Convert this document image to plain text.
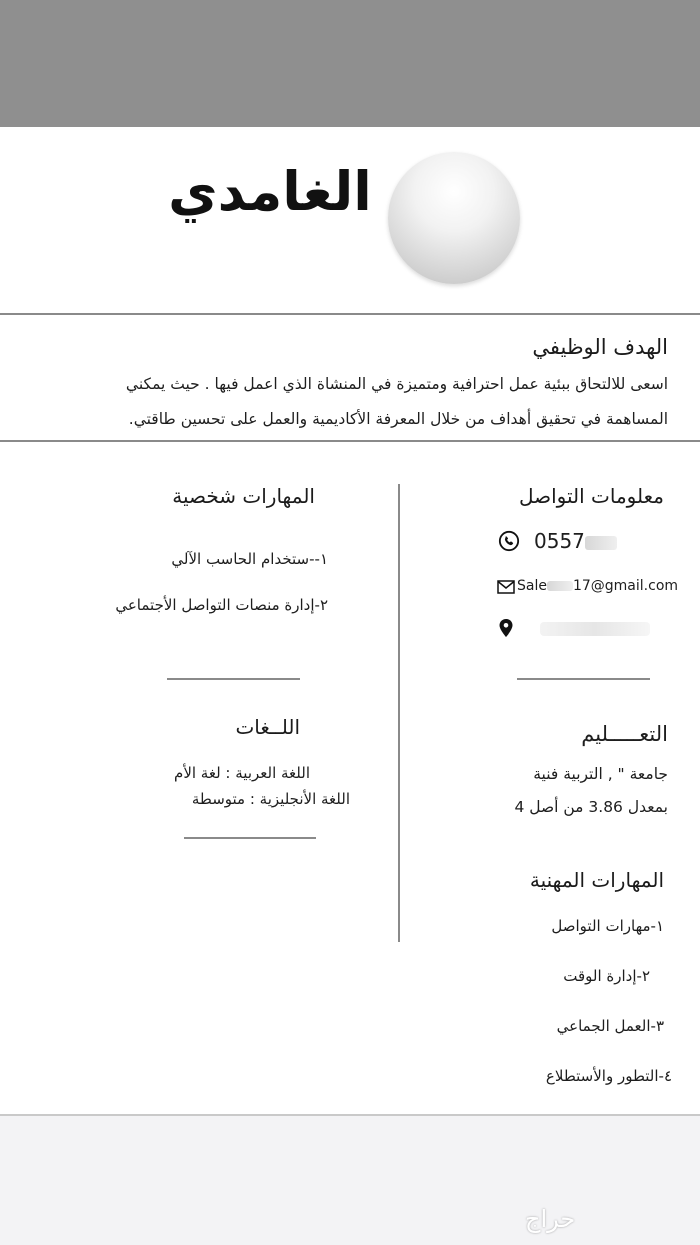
الغامدي
الهدف الوظيفي
اسعى للالتحاق ببئية عمل احترافية ومتميزة في المنشاة الذي اعمل فيها . حيث يمكني
المساهمة في تحقيق أهداف من خلال المعرفة الأكاديمية والعمل على تحسين طاقتي.
معلومات التواصل
0557
Sale 17@gmail.com
التعـــــليم
جامعة " , التربية فنية
بمعدل 3.86 من أصل 4
المهارات المهنية
١-مهارات التواصل
٢-إدارة الوقت
٣-العمل الجماعي
٤-التطور والأستطلاع
المهارات شخصية
١--ستخدام الحاسب الآلي
٢-إدارة منصات التواصل الأجتماعي
اللــغات
اللغة العربية : لغة الأم
اللغة الأنجليزية : متوسطة
حراج
